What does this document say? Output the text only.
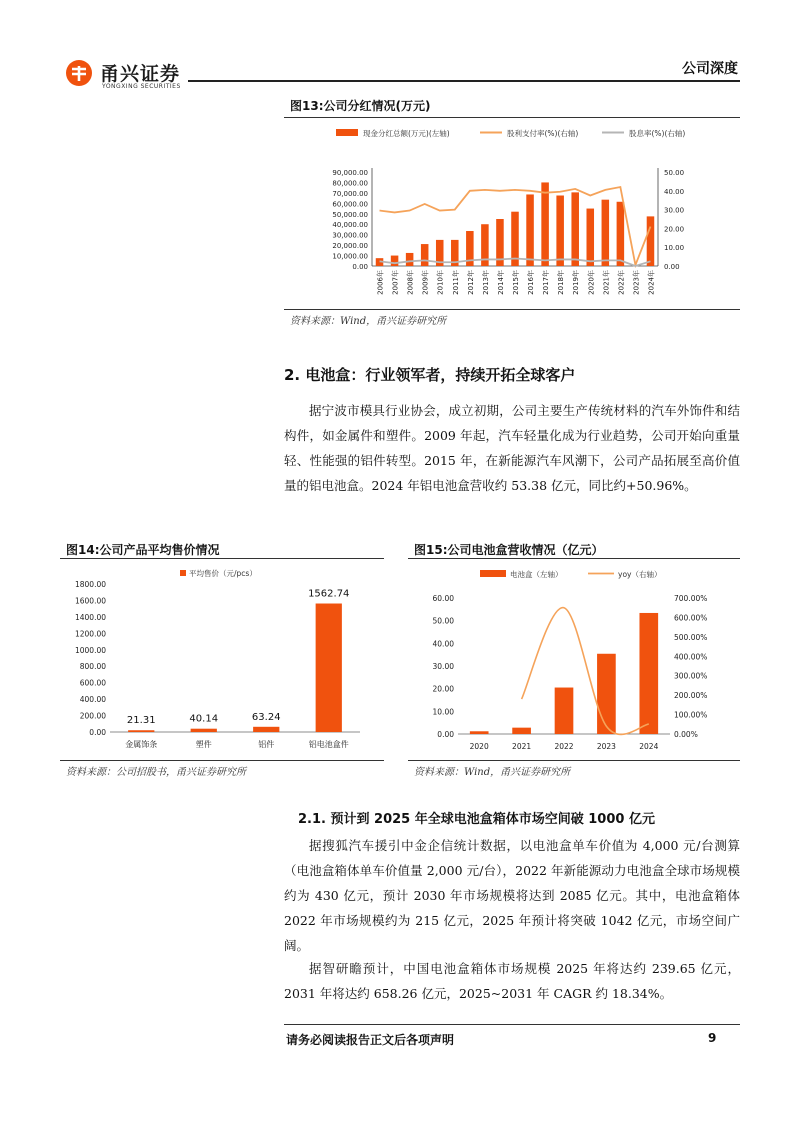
甬兴证券
YONGXING SECURITIES
公司深度
图13:公司分红情况(万元)
现金分红总额(万元)(左轴)	股利支付率(%)(右轴)	股息率(%)(右轴)
0.00
10,000.00
20,000.00
30,000.00
40,000.00
50,000.00
60,000.00
70,000.00
80,000.00
90,000.00
0.00
10.00
20.00
30.00
40.00
50.00
2006年 2007年 2008年 2009年 2010年 2011年 2012年 2013年 2014年 2015年 2016年 2017年 2018年 2019年 2020年 2021年 2022年 2023年 2024年
资料来源：Wind，甬兴证券研究所
2. 电池盒：行业领军者，持续开拓全球客户
据宁波市模具行业协会，成立初期，公司主要生产传统材料的汽车外饰件和结构件，如金属件和塑件。2009 年起，汽车轻量化成为行业趋势，公司开始向重量轻、性能强的铝件转型。2015 年，在新能源汽车风潮下，公司产品拓展至高价值量的铝电池盒。2024 年铝电池盒营收约 53.38 亿元，同比约+50.96%。
图14:公司产品平均售价情况
平均售价（元/pcs）
0.00
200.00
400.00
600.00
800.00
1000.00
1200.00
1400.00
1600.00
1800.00
21.31
金属饰条
40.14
塑件
63.24
铝件
1562.74
铝电池盒件
资料来源：公司招股书，甬兴证券研究所
图15:公司电池盒营收情况（亿元）
电池盒（左轴）	yoy（右轴）
0.00
10.00
20.00
30.00
40.00
50.00
60.00
0.00%
100.00%
200.00%
300.00%
400.00%
500.00%
600.00%
700.00%
2020	2021	2022	2023	2024
资料来源：Wind，甬兴证券研究所
2.1. 预计到 2025 年全球电池盒箱体市场空间破 1000 亿元
据搜狐汽车援引中金企信统计数据，以电池盒单车价值为 4,000 元/台测算（电池盒箱体单车价值量 2,000 元/台），2022 年新能源动力电池盒全球市场规模约为 430 亿元，预计 2030 年市场规模将达到 2085 亿元。其中，电池盒箱体 2022 年市场规模约为 215 亿元，2025 年预计将突破 1042 亿元，市场空间广阔。
据智研瞻预计，中国电池盒箱体市场规模 2025 年将达约 239.65 亿元，2031 年将达约 658.26 亿元，2025~2031 年 CAGR 约 18.34%。
请务必阅读报告正文后各项声明	9
